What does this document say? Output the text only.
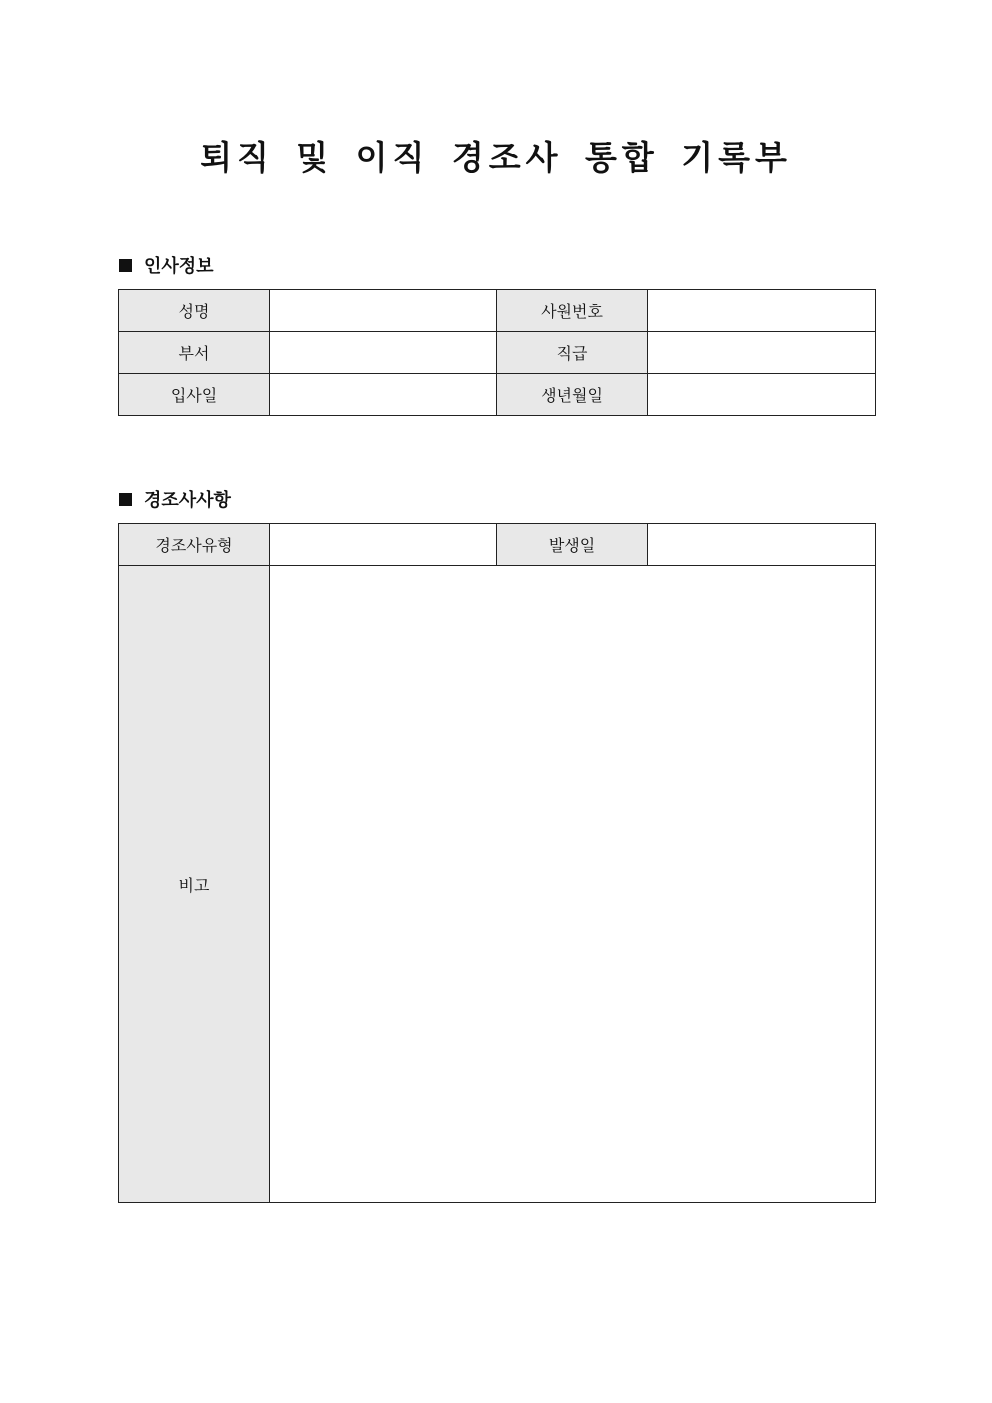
퇴직 및 이직 경조사 통합 기록부
인사정보
성명		사원번호	
부서		직급	
입사일		생년월일	
경조사사항
경조사유형		발생일	
비고			
